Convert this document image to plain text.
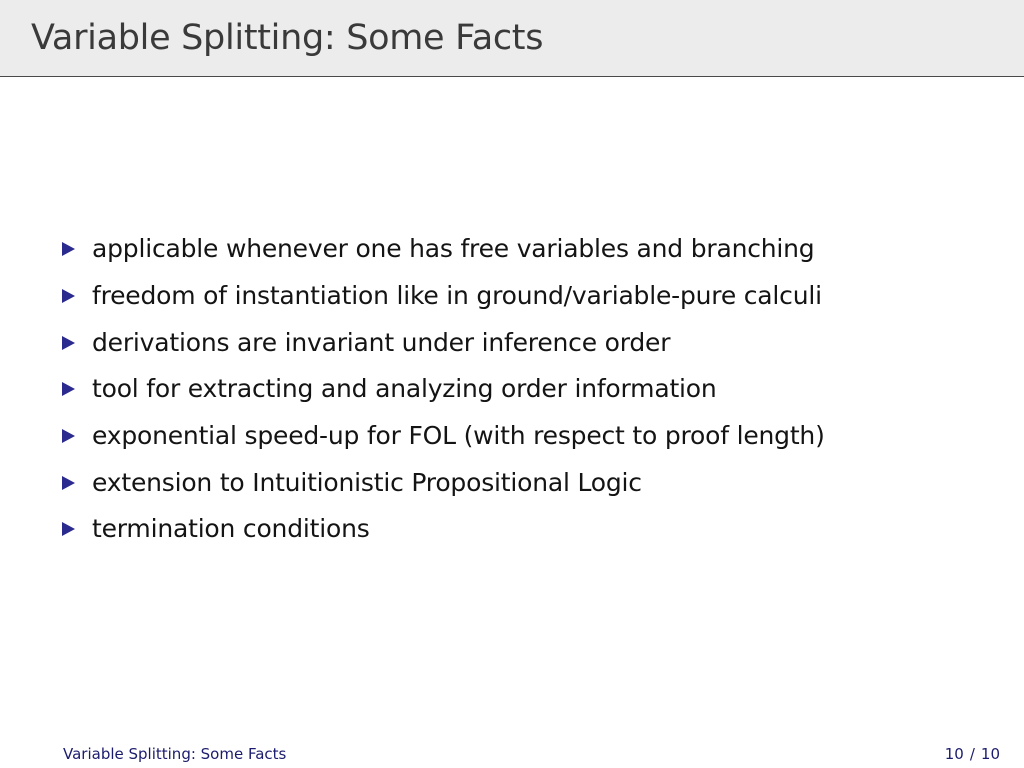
Variable Splitting: Some Facts
applicable whenever one has free variables and branching
freedom of instantiation like in ground/variable-pure calculi
derivations are invariant under inference order
tool for extracting and analyzing order information
exponential speed-up for FOL (with respect to proof length)
extension to Intuitionistic Propositional Logic
termination conditions
Variable Splitting: Some Facts	10 / 10
